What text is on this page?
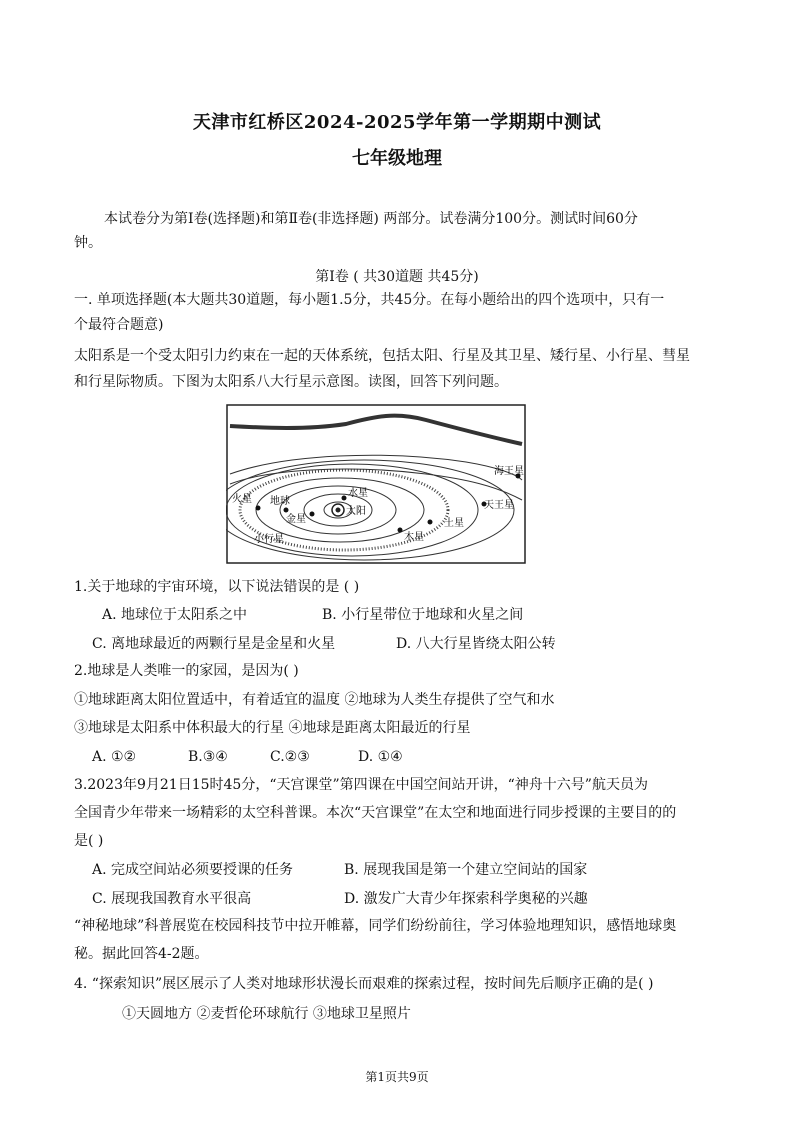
天津市红桥区2024-2025学年第一学期期中测试
七年级地理
本试卷分为第Ⅰ卷(选择题)和第Ⅱ卷(非选择题) 两部分。试卷满分100分。测试时间60分
钟。
第Ⅰ卷 ( 共30道题 共45分)
一. 单项选择题(本大题共30道题，每小题1.5分，共45分。在每小题给出的四个选项中，只有一
个最符合题意)
太阳系是一个受太阳引力约束在一起的天体系统，包括太阳、行星及其卫星、矮行星、小行星、彗星
和行星际物质。下图为太阳系八大行星示意图。读图，回答下列问题。
水星
太阳
金星
地球
火星
小行星	木星
土星
天王星
海王星
1.关于地球的宇宙环境，以下说法错误的是 ( )
A. 地球位于太阳系之中	B. 小行星带位于地球和火星之间
C. 离地球最近的两颗行星是金星和火星	D. 八大行星皆绕太阳公转
2.地球是人类唯一的家园，是因为( )
①地球距离太阳位置适中，有着适宜的温度 ②地球为人类生存提供了空气和水
③地球是太阳系中体积最大的行星 ④地球是距离太阳最近的行星
A. ①②	B.③④	C.②③	D. ①④
3.2023年9月21日15时45分，“天宫课堂”第四课在中国空间站开讲，“神舟十六号”航天员为
全国青少年带来一场精彩的太空科普课。本次“天宫课堂”在太空和地面进行同步授课的主要目的的
是( )
A. 完成空间站必须要授课的任务	B. 展现我国是第一个建立空间站的国家
C. 展现我国教育水平很高	D. 激发广大青少年探索科学奥秘的兴趣
“神秘地球”科普展览在校园科技节中拉开帷幕，同学们纷纷前往，学习体验地理知识，感悟地球奥
秘。据此回答4-2题。
4. “探索知识”展区展示了人类对地球形状漫长而艰难的探索过程，按时间先后顺序正确的是( )
①天圆地方 ②麦哲伦环球航行 ③地球卫星照片
第1页共9页
